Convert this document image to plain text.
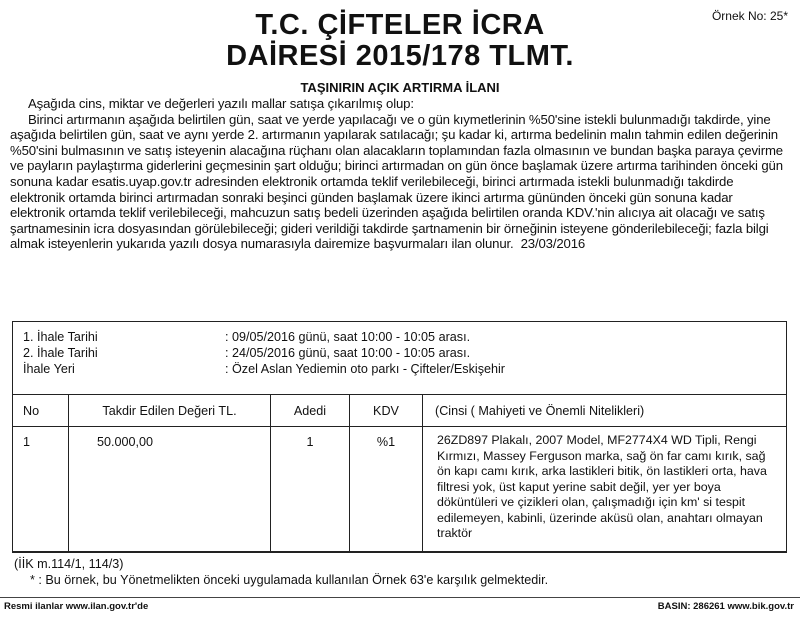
T.C. ÇİFTELER İCRA
DAİRESİ 2015/178 TLMT.
Örnek No: 25*
TAŞINIRIN AÇIK ARTIRMA İLANI

Aşağıda cins, miktar ve değerleri yazılı mallar satışa çıkarılmış olup:

Birinci artırmanın aşağıda belirtilen gün, saat ve yerde yapılacağı ve o gün kıymetlerinin %50'sine istekli bulunmadığı takdirde, yine aşağıda belirtilen gün, saat ve aynı yerde 2. artırmanın yapılarak satılacağı; şu kadar ki, artırma bedelinin malın tahmin edilen değerinin %50'sini bulmasının ve satış isteyenin alacağına rüçhanı olan alacakların toplamından fazla olmasının ve bundan başka paraya çevirme ve payların paylaştırma giderlerini geçmesinin şart olduğu; birinci artırmadan on gün önce başlamak üzere artırma tarihinden önceki gün sonuna kadar esatis.uyap.gov.tr adresinden elektronik ortamda teklif verilebileceği, birinci artırmada istekli bulunmadığı takdirde elektronik ortamda birinci artırmadan sonraki beşinci günden başlamak üzere ikinci artırma gününden önceki gün sonuna kadar elektronik ortamda teklif verilebileceği, mahcuzun satış bedeli üzerinden aşağıda belirtilen oranda KDV.'nin alıcıya ait olacağı ve satış şartnamesinin icra dosyasından görülebileceği; gideri verildiği takdirde şartnamenin bir örneğinin isteyene gönderilebileceği; fazla bilgi almak isteyenlerin yukarıda yazılı dosya numarasıyla dairemize başvurmaları ilan olunur. 23/03/2016

1. İhale Tarihi	: 09/05/2016 günü, saat 10:00 - 10:05 arası.
2. İhale Tarihi	: 24/05/2016 günü, saat 10:00 - 10:05 arası.
İhale Yeri	: Özel Aslan Yediemin oto parkı - Çifteler/Eskişehir
No	Takdir Edilen Değeri TL.	Adedi	KDV	(Cinsi ( Mahiyeti ve Önemli Nitelikleri)
1	50.000,00	1	%1	26ZD897 Plakalı, 2007 Model, MF2774X4 WD Tipli, Rengi Kırmızı, Massey Ferguson marka, sağ ön far camı kırık, sağ ön kapı camı kırık, arka lastikleri bitik, ön lastikleri orta, hava filtresi yok, üst kaput yerine sabit değil, yer yer boya döküntüleri ve çizikleri olan, çalışmadığı için km' si tespit edilemeyen, kabinli, üzerinde aküsü olan, anahtarı olmayan traktör
(İİK m.114/1, 114/3)
* : Bu örnek, bu Yönetmelikten önceki uygulamada kullanılan Örnek 63'e karşılık gelmektedir.
Resmi ilanlar www.ilan.gov.tr'de	BASIN: 286261 www.bik.gov.tr
